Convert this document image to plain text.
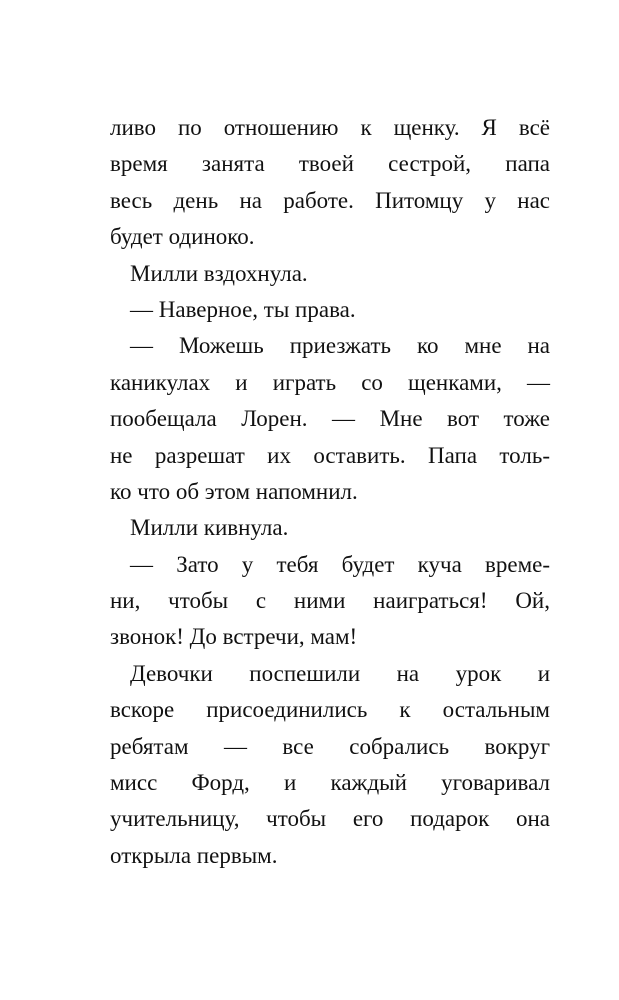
ливо по отношению к щенку. Я всё
время занята твоей сестрой, папа
весь день на работе. Питомцу у нас
будет одиноко.
Милли вздохнула.
— Наверное, ты права.
— Можешь приезжать ко мне на
каникулах и играть со щенками, —
пообещала Лорен. — Мне вот тоже
не разрешат их оставить. Папа толь-
ко что об этом напомнил.
Милли кивнула.
— Зато у тебя будет куча време-
ни, чтобы с ними наиграться! Ой,
звонок! До встречи, мам!
Девочки поспешили на урок и
вскоре присоединились к остальным
ребятам — все собрались вокруг
мисс Форд, и каждый уговаривал
учительницу, чтобы его подарок она
открыла первым.
